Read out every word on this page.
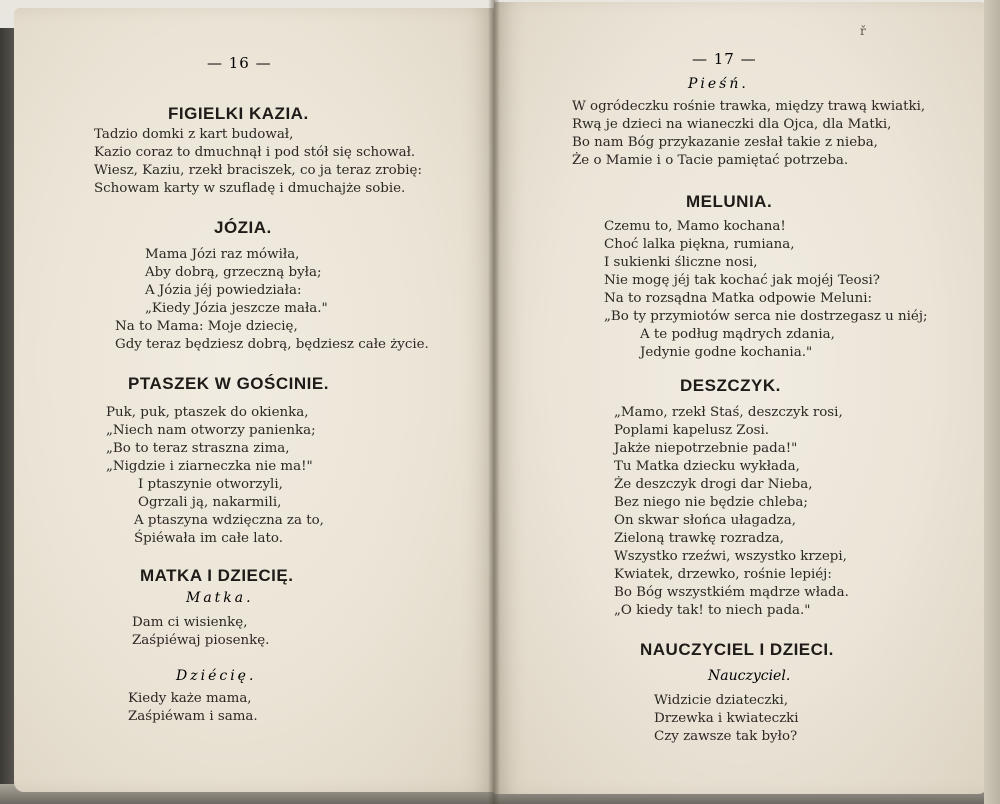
ř
— 16 —
FIGIELKI KAZIA.
Tadzio domki z kart budował,
Kazio coraz to dmuchnął i pod stół się schował.
Wiesz, Kaziu, rzekł braciszek, co ja teraz zrobię:
Schowam karty w szufladę i dmuchajże sobie.
JÓZIA.
Mama Józi raz mówiła,
Aby dobrą, grzeczną była;
A Józia jéj powiedziała:
„Kiedy Józia jeszcze mała."
Na to Mama: Moje dziecię,
Gdy teraz będziesz dobrą, będziesz całe życie.
PTASZEK W GOŚCINIE.
Puk, puk, ptaszek do okienka,
„Niech nam otworzy panienka;
„Bo to teraz straszna zima,
„Nigdzie i ziarneczka nie ma!"
I ptaszynie otworzyli,
Ogrzali ją, nakarmili,
A ptaszyna wdzięczna za to,
Śpiéwała im całe lato.
MATKA I DZIECIĘ.
Matka.
Dam ci wisienkę,
Zaśpiéwaj piosenkę.
Dziécię.
Kiedy każe mama,
Zaśpiéwam i sama.
— 17 —
Pieśń.
W ogródeczku rośnie trawka, między trawą kwiatki,
Rwą je dzieci na wianeczki dla Ojca, dla Matki,
Bo nam Bóg przykazanie zesłał takie z nieba,
Że o Mamie i o Tacie pamiętać potrzeba.
MELUNIA.
Czemu to, Mamo kochana!
Choć lalka piękna, rumiana,
I sukienki śliczne nosi,
Nie mogę jéj tak kochać jak mojéj Teosi?
Na to rozsądna Matka odpowie Meluni:
„Bo ty przymiotów serca nie dostrzegasz u niéj;
A te podług mądrych zdania,
Jedynie godne kochania."
DESZCZYK.
„Mamo, rzekł Staś, deszczyk rosi,
Poplami kapelusz Zosi.
Jakże niepotrzebnie pada!"
Tu Matka dziecku wykłada,
Że deszczyk drogi dar Nieba,
Bez niego nie będzie chleba;
On skwar słońca ułagadza,
Zieloną trawkę rozradza,
Wszystko rzeźwi, wszystko krzepi,
Kwiatek, drzewko, rośnie lepiéj:
Bo Bóg wszystkiém mądrze włada.
„O kiedy tak! to niech pada."
NAUCZYCIEL I DZIECI.
Nauczyciel.
Widzicie dziateczki,
Drzewka i kwiateczki
Czy zawsze tak było?
